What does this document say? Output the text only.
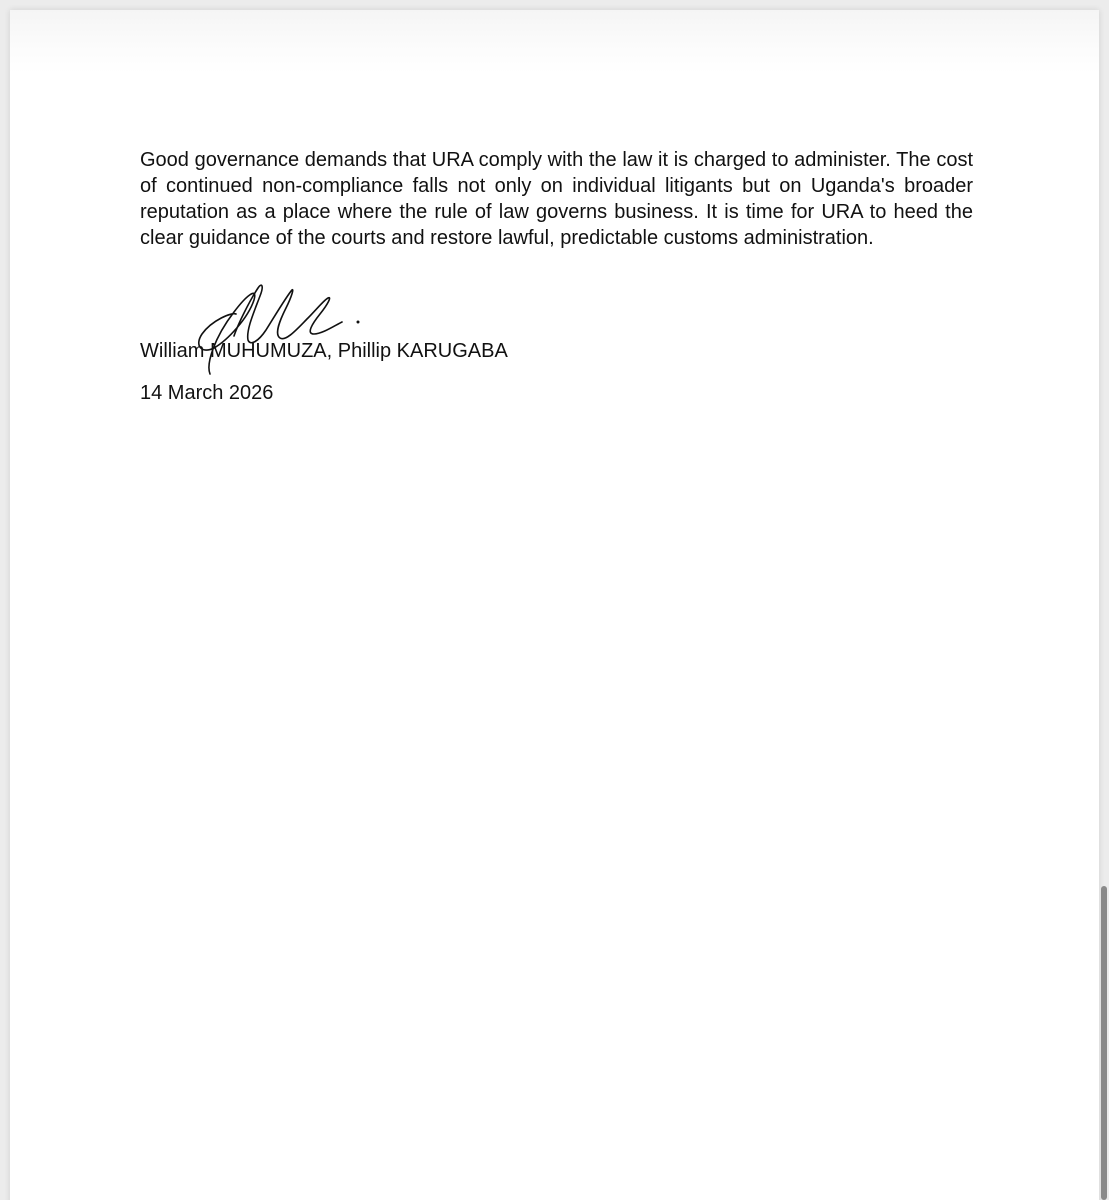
Good governance demands that URA comply with the law it is charged to administer. The cost of continued non-compliance falls not only on individual litigants but on Uganda's broader reputation as a place where the rule of law governs business. It is time for URA to heed the clear guidance of the courts and restore lawful, predictable customs administration.

William MUHUMUZA, Phillip KARUGABA
14 March 2026
